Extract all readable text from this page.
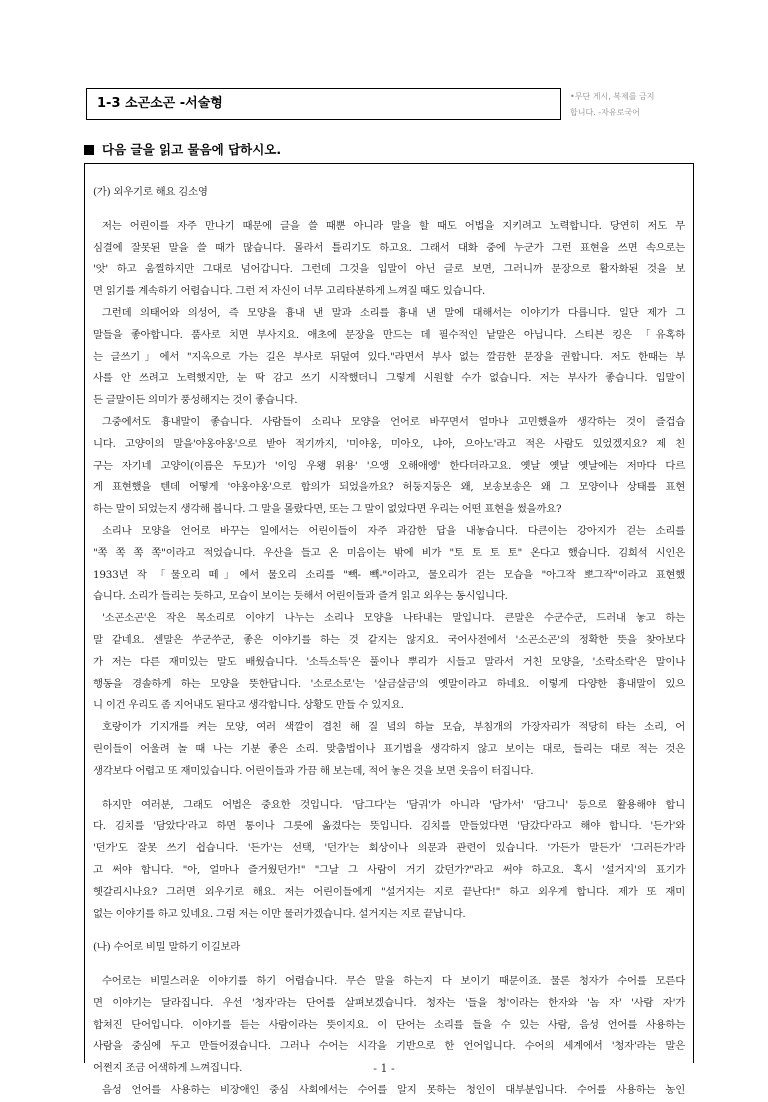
1-3 소곤소곤 -서술형	•무단 게시, 복제를 금지
합니다. -자유로국어
다음 글을 읽고 물음에 답하시오.
(가) 외우기로 해요 김소영
저는 어린이를 자주 만나기 때문에 글을 쓸 때뿐 아니라 말을 할 때도 어법을 지키려고 노력합니다. 당연히 저도 무
심결에 잘못된 말을 쓸 때가 많습니다. 몰라서 틀리기도 하고요. 그래서 대화 중에 누군가 그런 표현을 쓰면 속으로는
'앗' 하고 움찔하지만 그대로 넘어갑니다. 그런데 그것을 입말이 아닌 글로 보면, 그러니까 문장으로 활자화된 것을 보
면 읽기를 계속하기 어렵습니다. 그런 저 자신이 너무 고리타분하게 느껴질 때도 있습니다.
그런데 의태어와 의성어, 즉 모양을 흉내 낸 말과 소리를 흉내 낸 말에 대해서는 이야기가 다릅니다. 일단 제가 그
말들을 좋아합니다. 품사로 치면 부사지요. 애초에 문장을 만드는 데 필수적인 낱말은 아닙니다. 스티븐 킹은 「유혹하
는 글쓰기」에서 "지옥으로 가는 길은 부사로 뒤덮여 있다."라면서 부사 없는 깔끔한 문장을 권합니다. 저도 한때는 부
사를 안 쓰려고 노력했지만, 눈 딱 감고 쓰기 시작했더니 그렇게 시원할 수가 없습니다. 저는 부사가 좋습니다. 입말이
든 글말이든 의미가 풍성해지는 것이 좋습니다.
그중에서도 흉내말이 좋습니다. 사람들이 소리나 모양을 언어로 바꾸면서 얼마나 고민했을까 생각하는 것이 즐겁습
니다. 고양이의 말을'야옹야옹'으로 받아 적기까지, '미야옹, 미아오, 냐아, 으아노'라고 적은 사람도 있었겠지요? 제 친
구는 자기네 고양이(이름은 두모)가 '이잉 우왱 위용' '으앵 오해애엥' 한다더라고요. 옛날 옛날 옛날에는 저마다 다르
게 표현했을 텐데 어떻게 '야옹야옹'으로 합의가 되었을까요? 허둥지둥은 왜, 보송보송은 왜 그 모양이나 상태를 표현
하는 말이 되었는지 생각해 봅니다. 그 말을 몰랐다면, 또는 그 말이 없었다면 우리는 어떤 표현을 썼을까요?
소리나 모양을 언어로 바꾸는 일에서는 어린이들이 자주 과감한 답을 내놓습니다. 다큰이는 강아지가 걷는 소리를
"쪽 쪽 쪽 쪽"이라고 적었습니다. 우산을 들고 온 미음이는 밖에 비가 "토 토 토 토" 온다고 했습니다. 김희석 시인은
1933년 작 「물오리 떼」에서 물오리 소리를 "빽- 빽-"이라고, 물오리가 걷는 모습을 "아그작 뽀그작"이라고 표현했
습니다. 소리가 들리는 듯하고, 모습이 보이는 듯해서 어린이들과 즐겨 읽고 외우는 동시입니다.
'소곤소곤'은 작은 목소리로 이야기 나누는 소리나 모양을 나타내는 말입니다. 큰말은 수군수군, 드러내 놓고 하는
말 같네요. 센말은 쑤군쑤군, 좋은 이야기를 하는 것 같지는 않지요. 국어사전에서 '소곤소곤'의 정확한 뜻을 찾아보다
가 저는 다른 재미있는 말도 배웠습니다. '소득소득'은 풀이나 뿌리가 시들고 말라서 거친 모양을, '소락소락'은 말이나
행동을 경솔하게 하는 모양을 뜻한답니다. '소로소로'는 '살금살금'의 옛말이라고 하네요. 이렇게 다양한 흉내말이 있으
니 이건 우리도 좀 지어내도 된다고 생각합니다. 상황도 만들 수 있지요.
호랑이가 기지개를 켜는 모양, 여러 색깔이 겹친 해 질 녘의 하늘 모습, 부침개의 가장자리가 적당히 타는 소리, 어
린이들이 어울려 놀 때 나는 기분 좋은 소리. 맞춤법이나 표기법을 생각하지 않고 보이는 대로, 들리는 대로 적는 것은
생각보다 어렵고 또 재미있습니다. 어린이들과 가끔 해 보는데, 적어 놓은 것을 보면 웃음이 터집니다.
하지만 여러분, 그래도 어법은 중요한 것입니다. '담그다'는 '담궈'가 아니라 '담가서' '담그니' 등으로 활용해야 합니
다. 김치를 '담았다'라고 하면 통이나 그릇에 옮겼다는 뜻입니다. 김치를 만들었다면 '담갔다'라고 해야 합니다. '든가'와
'던가'도 잘못 쓰기 쉽습니다. '든가'는 선택, '던가'는 회상이나 의문과 관련이 있습니다. '가든가 말든가' '그러든가'라
고 써야 합니다. "아, 얼마나 즐거웠던가!" "그날 그 사람이 거기 갔던가?"라고 써야 하고요. 혹시 '설거지'의 표기가
헷갈리시나요? 그러면 외우기로 해요. 저는 어린이들에게 "설거지는 지로 끝난다!" 하고 외우게 합니다. 제가 또 재미
없는 이야기를 하고 있네요. 그럼 저는 이만 물러가겠습니다. 설거지는 지로 끝납니다.
(나) 수어로 비밀 말하기 이길보라
수어로는 비밀스러운 이야기를 하기 어렵습니다. 무슨 말을 하는지 다 보이기 때문이죠. 물론 청자가 수어를 모른다
면 이야기는 달라집니다. 우선 '청자'라는 단어를 살펴보겠습니다. 청자는 '들을 청'이라는 한자와 '놈 자' '사람 자'가
합쳐진 단어입니다. 이야기를 듣는 사람이라는 뜻이지요. 이 단어는 소리를 들을 수 있는 사람, 음성 언어를 사용하는
사람을 중심에 두고 만들어졌습니다. 그러나 수어는 시각을 기반으로 한 언어입니다. 수어의 세계에서 '청자'라는 말은
어쩐지 조금 어색하게 느껴집니다.
음성 언어를 사용하는 비장애인 중심 사회에서는 수어를 알지 못하는 청인이 대부분입니다. 수어를 사용하는 농인
- 1 -
